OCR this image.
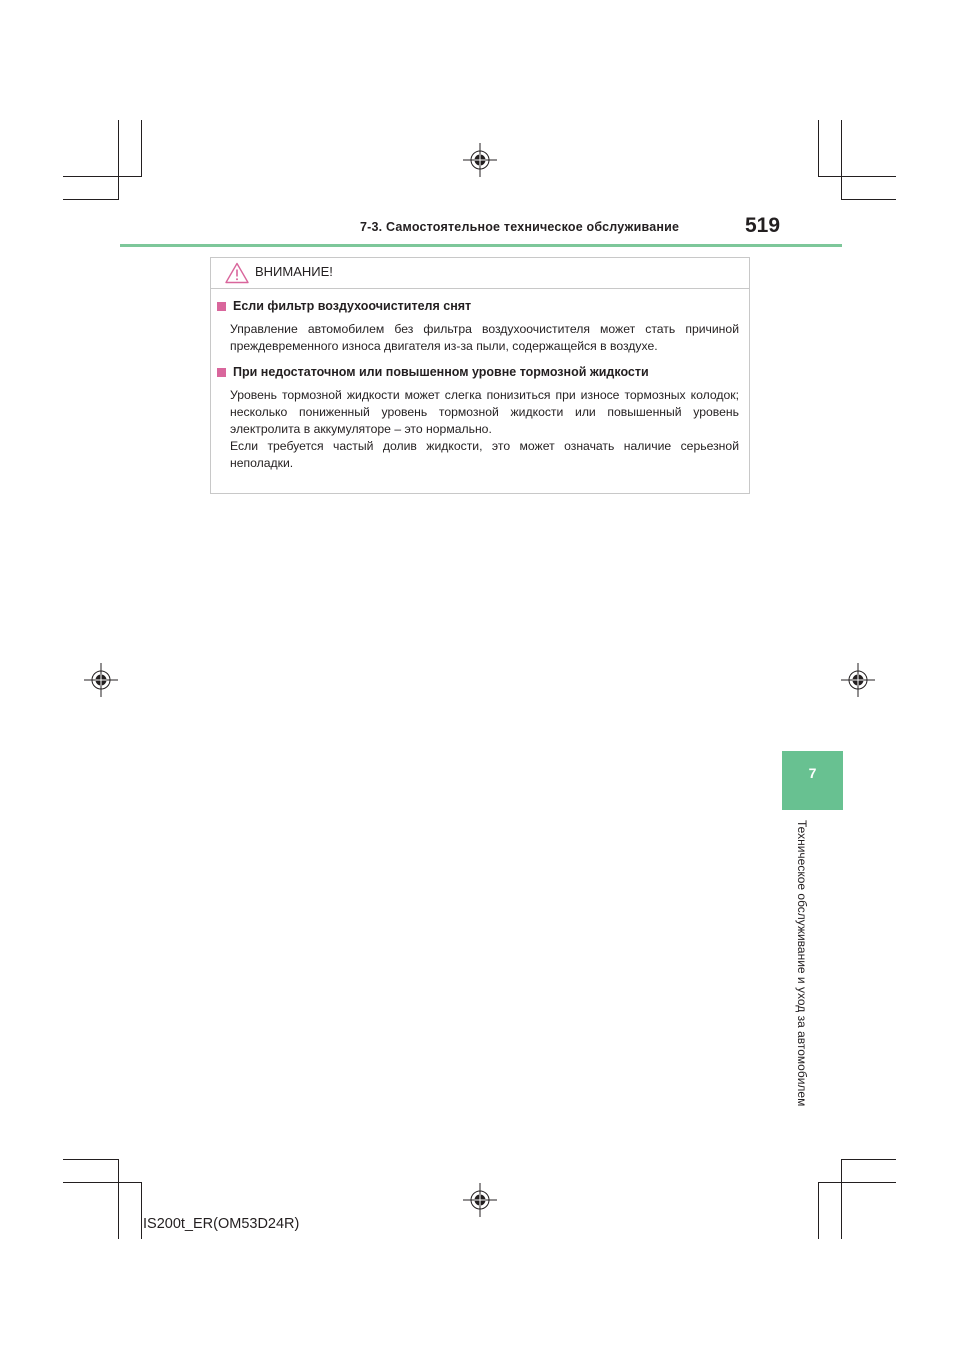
7-3. Самостоятельное техническое обслуживание	519
ВНИМАНИЕ!
Если фильтр воздухоочистителя снят

Управление автомобилем без фильтра воздухоочистителя может стать причиной преждевременного износа двигателя из-за пыли, содержащейся в воздухе.

При недостаточном или повышенном уровне тормозной жидкости

Уровень тормозной жидкости может слегка понизиться при износе тормозных колодок; несколько пониженный уровень тормозной жидкости или повышенный уровень электролита в аккумуляторе – это нормально.

Если требуется частый долив жидкости, это может означать наличие серьезной неполадки.

7
Техническое обслуживание и уход за автомобилем
IS200t_ER(OM53D24R)
